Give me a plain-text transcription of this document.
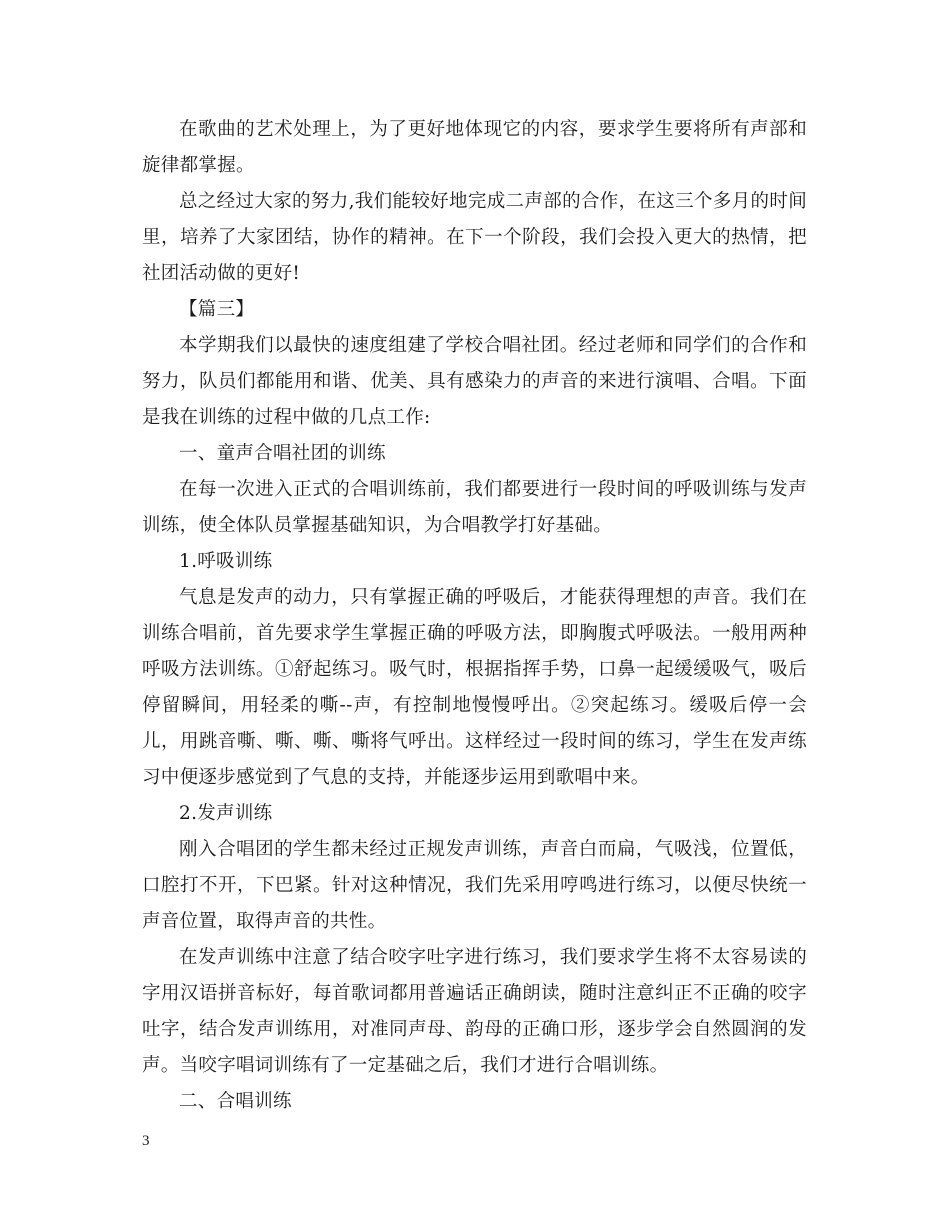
在歌曲的艺术处理上，为了更好地体现它的内容，要求学生要将所有声部和旋律都掌握。

总之经过大家的努力,我们能较好地完成二声部的合作，在这三个多月的时间里，培养了大家团结，协作的精神。在下一个阶段，我们会投入更大的热情，把社团活动做的更好!

【篇三】

本学期我们以最快的速度组建了学校合唱社团。经过老师和同学们的合作和努力，队员们都能用和谐、优美、具有感染力的声音的来进行演唱、合唱。下面是我在训练的过程中做的几点工作:

一、童声合唱社团的训练

在每一次进入正式的合唱训练前，我们都要进行一段时间的呼吸训练与发声训练，使全体队员掌握基础知识，为合唱教学打好基础。

1.呼吸训练

气息是发声的动力，只有掌握正确的呼吸后，才能获得理想的声音。我们在训练合唱前，首先要求学生掌握正确的呼吸方法，即胸腹式呼吸法。一般用两种呼吸方法训练。①舒起练习。吸气时，根据指挥手势，口鼻一起缓缓吸气，吸后停留瞬间，用轻柔的嘶--声，有控制地慢慢呼出。②突起练习。缓吸后停一会儿，用跳音嘶、嘶、嘶、嘶将气呼出。这样经过一段时间的练习，学生在发声练习中便逐步感觉到了气息的支持，并能逐步运用到歌唱中来。

2.发声训练

刚入合唱团的学生都未经过正规发声训练，声音白而扁，气吸浅，位置低，口腔打不开，下巴紧。针对这种情况，我们先采用哼鸣进行练习，以便尽快统一声音位置，取得声音的共性。

在发声训练中注意了结合咬字吐字进行练习，我们要求学生将不太容易读的字用汉语拼音标好，每首歌词都用普遍话正确朗读，随时注意纠正不正确的咬字吐字，结合发声训练用，对准同声母、韵母的正确口形，逐步学会自然圆润的发声。当咬字唱词训练有了一定基础之后，我们才进行合唱训练。

二、合唱训练

3
